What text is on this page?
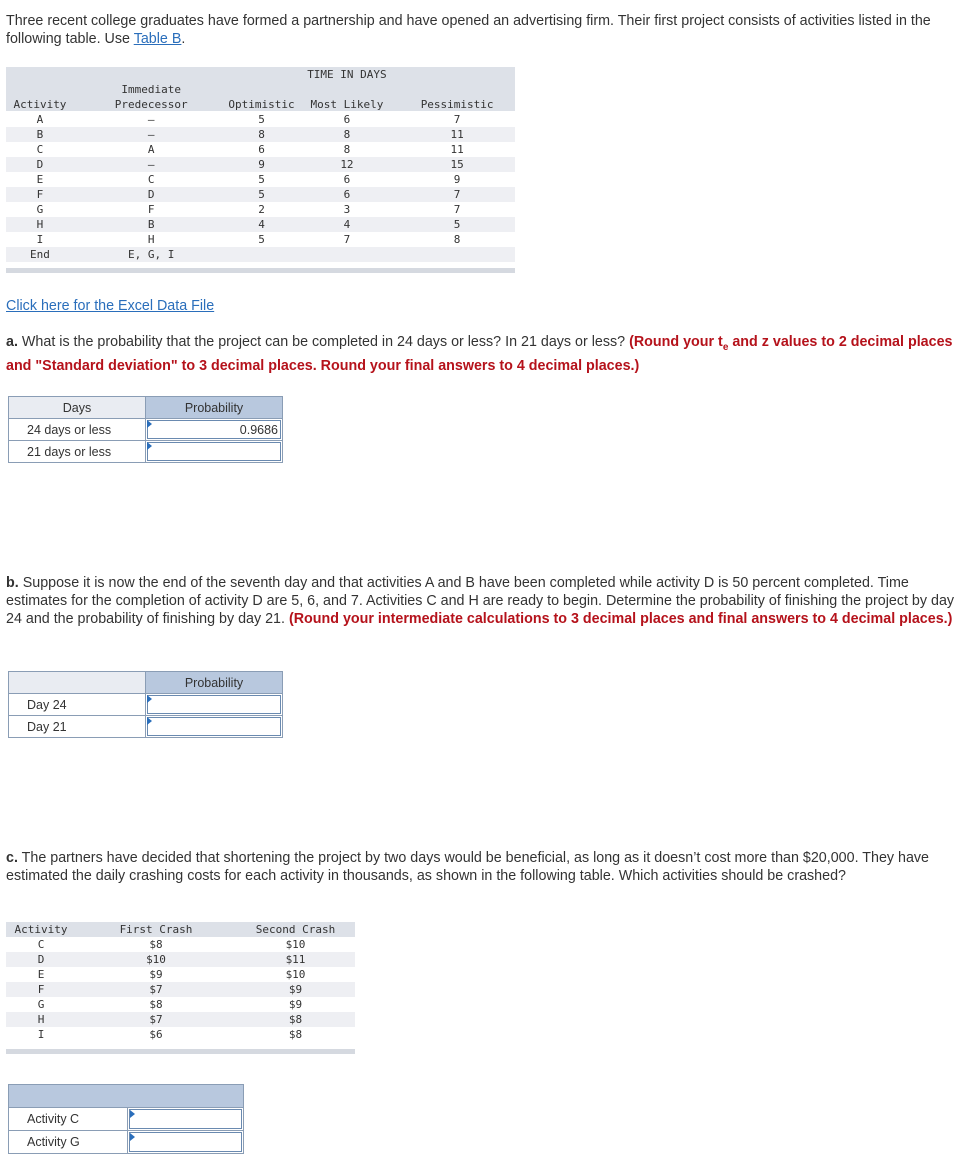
Three recent college graduates have formed a partnership and have opened an advertising firm. Their first project consists of activities listed in the following table. Use Table B.
			TIME IN DAYS	
	Immediate			
Activity	Predecessor	Optimistic	Most Likely	Pessimistic
A	—	5	6	7
B	—	8	8	11
C	A	6	8	11
D	—	9	12	15
E	C	5	6	9
F	D	5	6	7
G	F	2	3	7
H	B	4	4	5
I	H	5	7	8
End	E, G, I			
Click here for the Excel Data File
a. What is the probability that the project can be completed in 24 days or less? In 21 days or less? (Round your $t_e$ and z values to 2 decimal places and "Standard deviation" to 3 decimal places. Round your final answers to 4 decimal places.)
Days	Probability
24 days or less	0.9686

21 days or less	
b. Suppose it is now the end of the seventh day and that activities A and B have been completed while activity D is 50 percent completed. Time estimates for the completion of activity D are 5, 6, and 7. Activities C and H are ready to begin. Determine the probability of finishing the project by day 24 and the probability of finishing by day 21. (Round your intermediate calculations to 3 decimal places and final answers to 4 decimal places.)
	Probability
Day 24	

Day 21	
c. The partners have decided that shortening the project by two days would be beneficial, as long as it doesn’t cost more than $20,000. They have estimated the daily crashing costs for each activity in thousands, as shown in the following table. Which activities should be crashed?
Activity	First Crash	Second Crash
C	$8	$10
D	$10	$11
E	$9	$10
F	$7	$9
G	$8	$9
H	$7	$8
I	$6	$8
Activity C
Activity G
